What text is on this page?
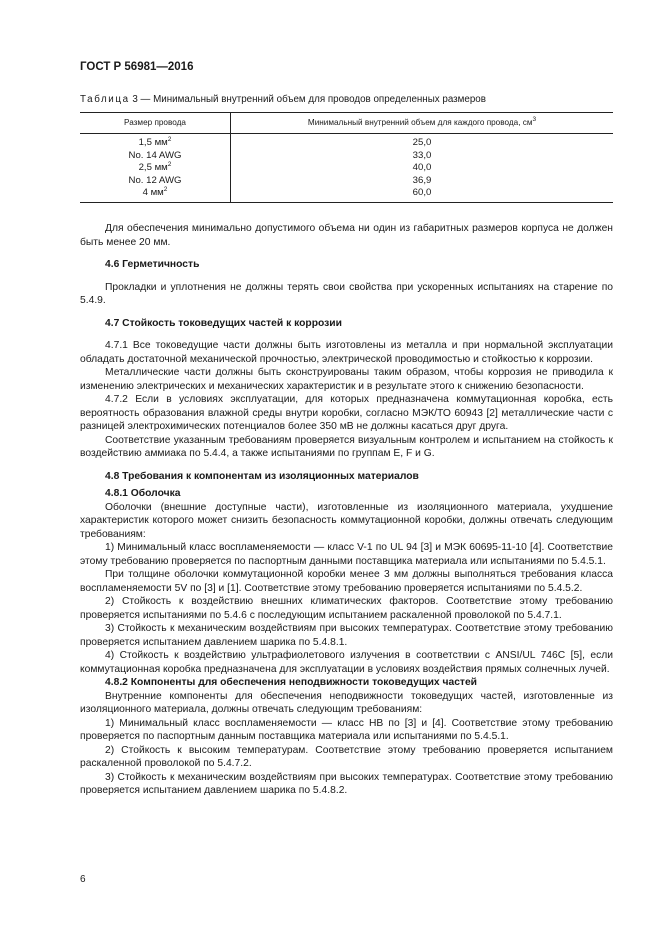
ГОСТ Р 56981—2016
Таблица 3 — Минимальный внутренний объем для проводов определенных размеров
Размер провода	Минимальный внутренний объем для каждого провода, $см^3$
1,5 $мм^2$	25,0
No. 14 AWG	33,0
2,5 $мм^2$	40,0
No. 12 AWG	36,9
4 $мм^2$	60,0

Для обеспечения минимально допустимого объема ни один из габаритных размеров корпуса не должен быть менее 20 мм.

4.6 Герметичность

Прокладки и уплотнения не должны терять свои свойства при ускоренных испытаниях на старение по 5.4.9.

4.7 Стойкость токоведущих частей к коррозии

4.7.1 Все токоведущие части должны быть изготовлены из металла и при нормальной эксплуатации обладать достаточной механической прочностью, электрической проводимостью и стойкостью к коррозии.

Металлические части должны быть сконструированы таким образом, чтобы коррозия не приводила к изменению электрических и механических характеристик и в результате этого к снижению безопасности.

4.7.2 Если в условиях эксплуатации, для которых предназначена коммутационная коробка, есть вероятность образования влажной среды внутри коробки, согласно МЭК/ТО 60943 [2] металлические части с разницей электрохимических потенциалов более 350 мВ не должны касаться друг друга.

Соответствие указанным требованиям проверяется визуальным контролем и испытанием на стойкость к воздействию аммиака по 5.4.4, а также испытаниями по группам E, F и G.

4.8 Требования к компонентам из изоляционных материалов

4.8.1 Оболочка

Оболочки (внешние доступные части), изготовленные из изоляционного материала, ухудшение характеристик которого может снизить безопасность коммутационной коробки, должны отвечать следующим требованиям:

1) Минимальный класс воспламеняемости — класс V-1 по UL 94 [3] и МЭК 60695-11-10 [4]. Соответствие этому требованию проверяется по паспортным данными поставщика материала или испытаниями по 5.4.5.1.

При толщине оболочки коммутационной коробки менее 3 мм должны выполняться требования класса воспламеняемости 5V по [3] и [1]. Соответствие этому требованию проверяется испытаниями по 5.4.5.2.

2) Стойкость к воздействию внешних климатических факторов. Соответствие этому требованию проверяется испытаниями по 5.4.6 с последующим испытанием раскаленной проволокой по 5.4.7.1.

3) Стойкость к механическим воздействиям при высоких температурах. Соответствие этому требованию проверяется испытанием давлением шарика по 5.4.8.1.

4) Стойкость к воздействию ультрафиолетового излучения в соответствии с ANSI/UL 746C [5], если коммутационная коробка предназначена для эксплуатации в условиях воздействия прямых солнечных лучей.

4.8.2 Компоненты для обеспечения неподвижности токоведущих частей

Внутренние компоненты для обеспечения неподвижности токоведущих частей, изготовленные из изоляционного материала, должны отвечать следующим требованиям:

1) Минимальный класс воспламеняемости — класс НВ по [3] и [4]. Соответствие этому требованию проверяется по паспортным данным поставщика материала или испытаниями по 5.4.5.1.

2) Стойкость к высоким температурам. Соответствие этому требованию проверяется испытанием раскаленной проволокой по 5.4.7.2.

3) Стойкость к механическим воздействиям при высоких температурах. Соответствие этому требованию проверяется испытанием давлением шарика по 5.4.8.2.

6
